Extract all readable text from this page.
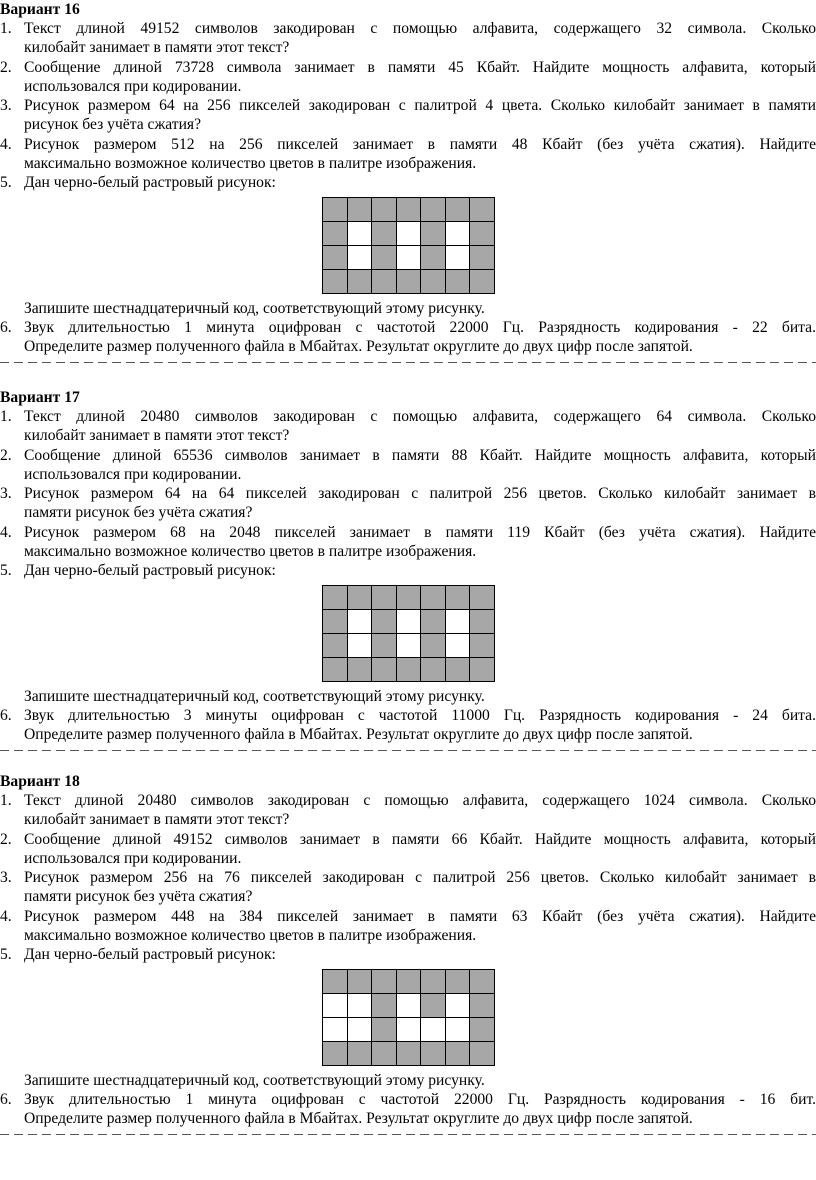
Вариант 16
1. Текст длиной 49152 символов закодирован с помощью алфавита, содержащего 32 символа. Сколько
килобайт занимает в памяти этот текст?
2. Сообщение длиной 73728 символа занимает в памяти 45 Кбайт. Найдите мощность алфавита, который
использовался при кодировании.
3. Рисунок размером 64 на 256 пикселей закодирован с палитрой 4 цвета. Сколько килобайт занимает в памяти
рисунок без учёта сжатия?
4. Рисунок размером 512 на 256 пикселей занимает в памяти 48 Кбайт (без учёта сжатия). Найдите
максимально возможное количество цветов в палитре изображения.
5. Дан черно-белый растровый рисунок:

Запишите шестнадцатеричный код, соответствующий этому рисунку.
6. Звук длительностью 1 минута оцифрован с частотой 22000 Гц. Разрядность кодирования - 22 бита.
Определите размер полученного файла в Мбайтах. Результат округлите до двух цифр после запятой.
Вариант 17
1. Текст длиной 20480 символов закодирован с помощью алфавита, содержащего 64 символа. Сколько
килобайт занимает в памяти этот текст?
2. Сообщение длиной 65536 символов занимает в памяти 88 Кбайт. Найдите мощность алфавита, который
использовался при кодировании.
3. Рисунок размером 64 на 64 пикселей закодирован с палитрой 256 цветов. Сколько килобайт занимает в
памяти рисунок без учёта сжатия?
4. Рисунок размером 68 на 2048 пикселей занимает в памяти 119 Кбайт (без учёта сжатия). Найдите
максимально возможное количество цветов в палитре изображения.
5. Дан черно-белый растровый рисунок:

Запишите шестнадцатеричный код, соответствующий этому рисунку.
6. Звук длительностью 3 минуты оцифрован с частотой 11000 Гц. Разрядность кодирования - 24 бита.
Определите размер полученного файла в Мбайтах. Результат округлите до двух цифр после запятой.
Вариант 18
1. Текст длиной 20480 символов закодирован с помощью алфавита, содержащего 1024 символа. Сколько
килобайт занимает в памяти этот текст?
2. Сообщение длиной 49152 символов занимает в памяти 66 Кбайт. Найдите мощность алфавита, который
использовался при кодировании.
3. Рисунок размером 256 на 76 пикселей закодирован с палитрой 256 цветов. Сколько килобайт занимает в
памяти рисунок без учёта сжатия?
4. Рисунок размером 448 на 384 пикселей занимает в памяти 63 Кбайт (без учёта сжатия). Найдите
максимально возможное количество цветов в палитре изображения.
5. Дан черно-белый растровый рисунок:

Запишите шестнадцатеричный код, соответствующий этому рисунку.
6. Звук длительностью 1 минута оцифрован с частотой 22000 Гц. Разрядность кодирования - 16 бит.
Определите размер полученного файла в Мбайтах. Результат округлите до двух цифр после запятой.
